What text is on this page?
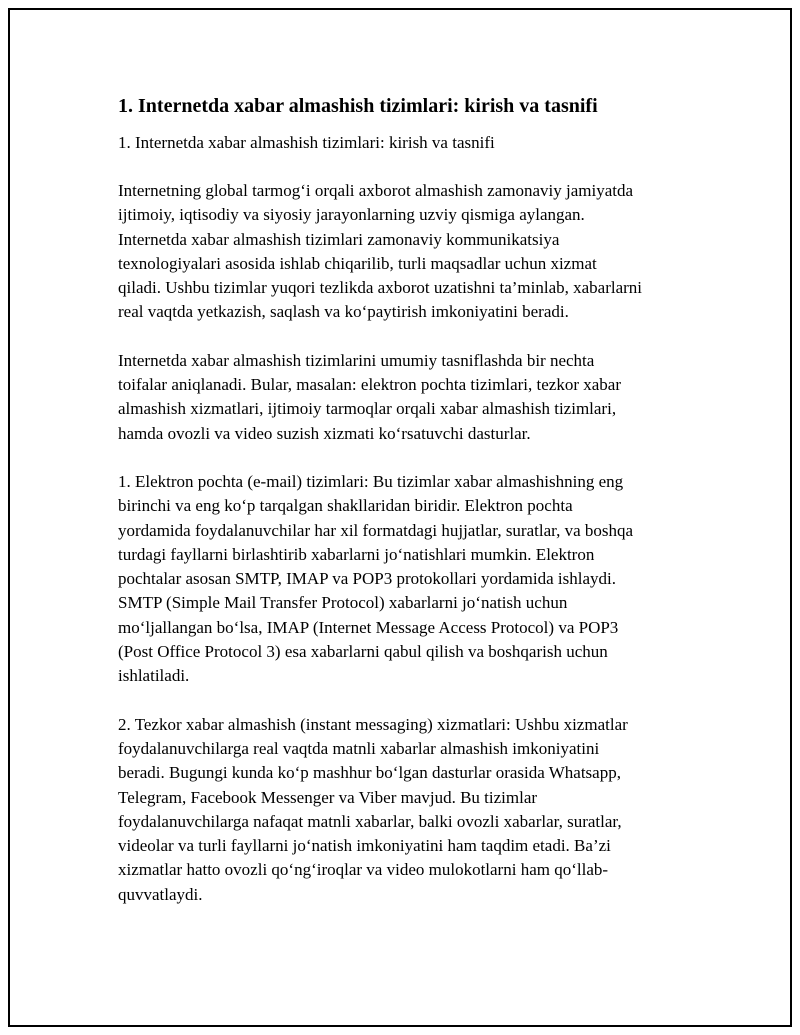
1. Internetda xabar almashish tizimlari: kirish va tasnifi

1. Internetda xabar almashish tizimlari: kirish va tasnifi

Internetning global tarmog‘i orqali axborot almashish zamonaviy jamiyatda
ijtimoiy, iqtisodiy va siyosiy jarayonlarning uzviy qismiga aylangan.
Internetda xabar almashish tizimlari zamonaviy kommunikatsiya
texnologiyalari asosida ishlab chiqarilib, turli maqsadlar uchun xizmat
qiladi. Ushbu tizimlar yuqori tezlikda axborot uzatishni ta’minlab, xabarlarni
real vaqtda yetkazish, saqlash va ko‘paytirish imkoniyatini beradi.

Internetda xabar almashish tizimlarini umumiy tasniflashda bir nechta
toifalar aniqlanadi. Bular, masalan: elektron pochta tizimlari, tezkor xabar
almashish xizmatlari, ijtimoiy tarmoqlar orqali xabar almashish tizimlari,
hamda ovozli va video suzish xizmati ko‘rsatuvchi dasturlar.

1. Elektron pochta (e-mail) tizimlari: Bu tizimlar xabar almashishning eng
birinchi va eng ko‘p tarqalgan shakllaridan biridir. Elektron pochta
yordamida foydalanuvchilar har xil formatdagi hujjatlar, suratlar, va boshqa
turdagi fayllarni birlashtirib xabarlarni jo‘natishlari mumkin. Elektron
pochtalar asosan SMTP, IMAP va POP3 protokollari yordamida ishlaydi.
SMTP (Simple Mail Transfer Protocol) xabarlarni jo‘natish uchun
mo‘ljallangan bo‘lsa, IMAP (Internet Message Access Protocol) va POP3
(Post Office Protocol 3) esa xabarlarni qabul qilish va boshqarish uchun
ishlatiladi.

2. Tezkor xabar almashish (instant messaging) xizmatlari: Ushbu xizmatlar
foydalanuvchilarga real vaqtda matnli xabarlar almashish imkoniyatini
beradi. Bugungi kunda ko‘p mashhur bo‘lgan dasturlar orasida Whatsapp,
Telegram, Facebook Messenger va Viber mavjud. Bu tizimlar
foydalanuvchilarga nafaqat matnli xabarlar, balki ovozli xabarlar, suratlar,
videolar va turli fayllarni jo‘natish imkoniyatini ham taqdim etadi. Ba’zi
xizmatlar hatto ovozli qo‘ng‘iroqlar va video mulokotlarni ham qo‘llab-
quvvatlaydi.
